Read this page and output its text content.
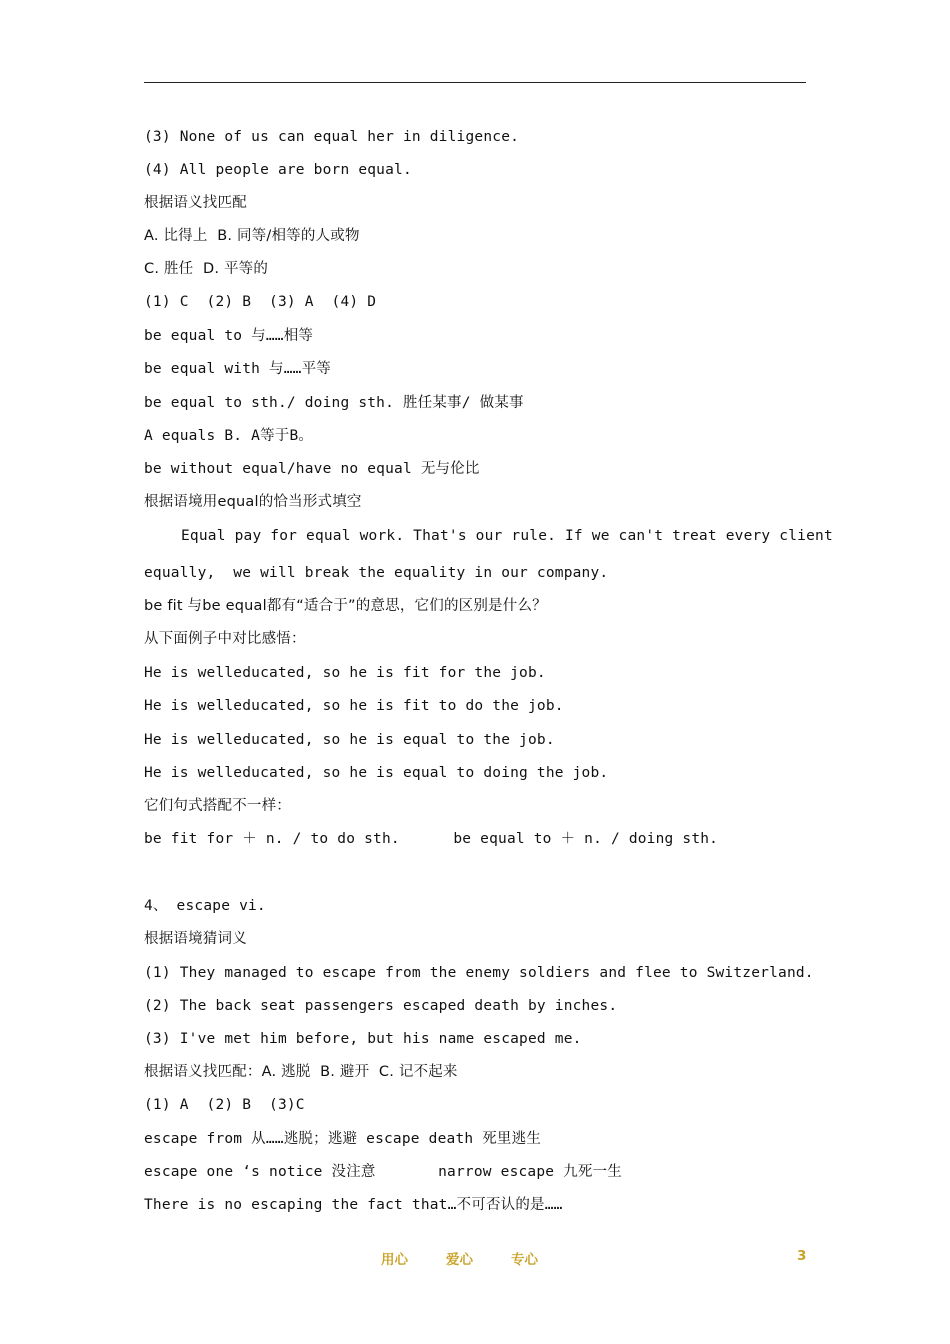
(3) None of us can equal her in diligence.
(4) All people are born equal.
根据语义找匹配
A. 比得上  B. 同等/相等的人或物
C. 胜任  D. 平等的
(1) C  (2) B  (3) A  (4) D
be equal to 与……相等
be equal with 与……平等
be equal to sth./ doing sth. 胜任某事/ 做某事
A equals B. A等于B。
be without equal/have no equal 无与伦比
根据语境用equal的恰当形式填空
Equal pay for equal work. That's our rule. If we can't treat every client
equally,  we will break the equality in our company.
be fit 与be equal都有“适合于”的意思，它们的区别是什么？
从下面例子中对比感悟：
He is welleducated, so he is fit for the job.
He is welleducated, so he is fit to do the job.
He is welleducated, so he is equal to the job.
He is welleducated, so he is equal to doing the job.
它们句式搭配不一样：
be fit for ＋ n. / to do sth.      be equal to ＋ n. / doing sth.
4、 escape vi.
根据语境猜词义
(1) They managed to escape from the enemy soldiers and flee to Switzerland.
(2) The back seat passengers escaped death by inches.
(3) I've met him before, but his name escaped me.
根据语义找匹配：A. 逃脱  B. 避开  C. 记不起来
(1) A  (2) B  (3)C
escape from 从……逃脱；逃避 escape death 死里逃生
escape one ‘s notice 没注意       narrow escape 九死一生
There is no escaping the fact that…不可否认的是……
用心	爱心	专心	3
